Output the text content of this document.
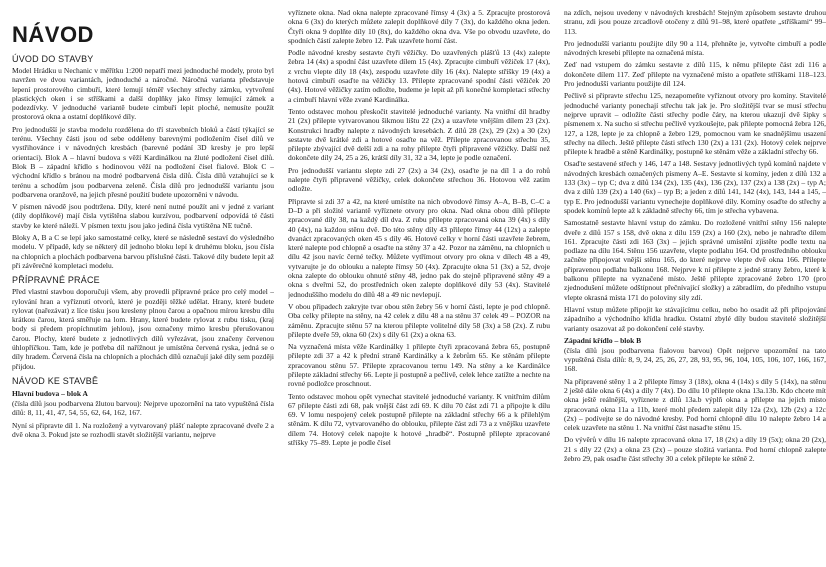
NÁVOD
ÚVOD DO STAVBY

Model Hrádku u Nechanic v měřítku 1:200 nepatří mezi jednoduché modely, proto byl navržen ve dvou variantách, jednoduché a náročné. Náročná varianta představuje lepení prostorového cimbuří, které lemují téměř všechny střechy zámku, vytvoření plastických oken i se stříškami a další doplňky jako římsy lemující zámek a podezdívky. V jednoduché variantě budete cimbuří lepit ploché, nemusíte použít prostorová okna a ostatní doplňkové díly.

Pro jednodušší je stavba modelu rozdělena do tří stavebních bloků a částí týkající se terénu. Všechny části jsou od sebe odděleny barevnými podložením čísel dílů ve vystřihovánce i v návodných kresbách (barevné podání 3D kresby je pro lepší orientaci). Blok A – hlavní budova s věží Kardinálkou na žluté podložení čísel dílů. Blok B – západní křídlo s hodinovou věží na podložení čísel fialové. Blok C – východní křídlo s bránou na modré podbarvená čísla dílů. Čísla dílů vztahující se k terénu a schodům jsou podbarvena zeleně. Čísla dílů pro jednodušší variantu jsou podbarvena oranžově, na jejich přesné použití budete upozorněni v návodu.

V písmen návodě jsou podtržena. Díly, které není nutné použít ani v jedné z variant (díly doplňkové) mají čísla vytištěna slabou kurzívou, podbarvení odpovídá té části stavby ke které náleží. V písmen textu jsou jako jediná čísla vytištěna NE tučně.

Bloky A, B a C se lepí jako samostatné celky, které se následně sestaví do výsledného modelu. V případě, kdy se některý díl jednoho bloku lepí k druhému bloku, jsou čísla na chlopních a plochách podbarvena barvou příslušné části. Takové díly budete lepit až při závěrečné kompletaci modelu.

PŘÍPRAVNÉ PRÁCE

Před vlastní stavbou doporučuji všem, aby provedli přípravné práce pro celý model – rylování hran a vyříznutí otvorů, které je později těžké udělat. Hrany, které budete rylovat (nařezávat) z líce tisku jsou kresleny plnou čarou a opačnou mírou kresbu dílu krátkou čarou, která směřuje na lom. Hrany, které budete rylovat z rubu tisku, (kraj body si předem propíchnutím jehlou), jsou označeny mimo kresbu přerušovanou čarou. Plochy, které budete z jednotlivých dílů vyřezávat, jsou značeny červenou úhlopříčkou. Tam, kde je potřeba díl nařížnout je umístěna červená ryska, jedná se o díly hradem. Červená čísla na chlopních a plochách dílů označují jaké díly sem později přijdou.

NÁVOD KE STAVBĚ
Hlavní budova – blok A

(čísla dílů jsou podbarvena žlutou barvou): Nejprve upozornění na tato vypuštěná čísla dílů: 8, 11, 41, 47, 54, 55, 62, 64, 162, 167.

Nyní si připravte díl 1. Na rozložený a vytvarovaný plášť nalepte zpracované dveře 2 a dvě okna 3. Pokud jste se rozhodli stavět složitější variantu, nejprve

vyříznete okna. Nad okna nalepte zpracované římsy 4 (3x) a 5. Zpracujte prostorová okna 6 (3x) do kterých můžete zalepit doplňkové díly 7 (3x), do každého okna jeden. Čtyři okna 9 doplňte díly 10 (8x), do každého okna dva. Vše po obvodu uzavřete, do spodních částí zalepte žebro 12. Pak uzavřete horní část.

Podle návodné kresby sestavte čtyři věžičky. Do uzavřených plášťů 13 (4x) zalepte žebra 14 (4x) a spodní část uzavřete dílem 15 (4x). Zpracujte cimbuří věžiček 17 (4x), z vrchu vlepte díly 18 (4x), zespodu uzavřete díly 16 (4x). Nalepte stříšky 19 (4x) a hotová cimbuří osaďte na věžičky 13. Přilepte zpracované spodní části věžiček 20 (4x). Hotové věžičky zatím odložte, budeme je lepit až při konečné kompletaci střechy a cimbuří hlavní věže zvané Kardinálka.

Tento odstavec mohou přeskočit stavitelé jednoduché varianty. Na vnitřní díl hradby 21 (2x) přilepte vytvarovanou šikmou lištu 22 (2x) a uzavřete vnějším dílem 23 (2x). Konstrukci hradby nalepte z návodných kresebách. Z dílů 28 (2x), 29 (2x) a 30 (2x) sestavte dvě krátké zdi a hotové osaďte na věž. Přilepte zpracovanou střechu 35, přilepte zbývající dvě delší zdi a na rohy přilepte čtyři připravené věžičky. Další než dokončete díly 24, 25 a 26, krátší díly 31, 32 a 34, lepte je podle označení.

Pro jednodušší variantu slepte zdi 27 (2x) a 34 (2x), osaďte je na díl 1 a do rohů nalepte čtyři připravené věžičky, celek dokončete střechou 36. Hotovou věž zatím odložte.

Připravte si zdi 37 a 42, na které umístíte na nich obvodové římsy A–A, B–B, C–C a D–D a při složité variantě vyříznete otvory pro okna. Nad okna obou dílů přilepte zpracované díly 38, na každý díl dva. Z rubu přilepte zpracovaná okna 39 (4x) s díly 40 (4x), na každou stěnu dvě. Do této stěny díly 43 přilepte římsy 44 (12x) a zalepte dvanáct zpracovaných oken 45 s díly 46. Hotové celky v horní části uzavřete žebrem, které nalepte pod chlopně a osaďte na stěny 37 a 42. Pozor na záměnu, na chlopních u dílu 42 jsou navíc černé tečky. Můžete vytřímout otvory pro okna v dílech 48 a 49, vytvarujte je do oblouku a nalepte římsy 50 (4x). Zpracujte okna 51 (3x) a 52, dvoje okna zalepte do oblouku ohnuté stěny 48, jedno pak do stejně připravené stěny 49 a okna s dveřmi 52, do prostředních oken zalepte doplňkové díly 53 (4x). Stavitelé jednoduššího modelu do dílů 48 a 49 nic nevlepují.

V obou připadech zakryjte tvar obou stěn žebry 56 v horní části, lepte je pod chlopně. Oba celky přilepte na stěny, na 42 celek z dílu 48 a na stěnu 37 celek 49 – POZOR na záměnu. Zpracujte stěnu 57 na kterou přilepte volitelné díly 58 (3x) a 58 (2x). Z rubu přilepte dveře 59, okna 60 (2x) s díly 61 (2x) a okna 63.

Na vyznačená místa věže Kardinálky 1 přilepte čtyři zpracovaná žebra 65, postupně přilepte zdi 37 a 42 k přední straně Kardinálky a k žebrům 65. Ke stěnám přilepte zpracovanou stěnu 57. Přilepte zpracovanou ternu 149. Na stěny a ke Kardinálce přilepte základní střechy 66. Lepte ji postupně a pečlivě, celek lehce zatížte a nechte na rovné podložce proschnout.

Tento odstavec mohou opět vynechat stavitelé jednoduché varianty. K vnitřním dílům 67 přilepte části zdi 68, pak vnější část zdí 69. K dílu 70 část zdí 71 a připojte k dílu 69. V lomu nespojený celek postupně přilepte na základní střechy 66 a k přilehlým stěnám. K dílu 72, vytvarovaného do oblouku, přilepte část zdí 73 a z vnějšku uzavřete dílem 74. Hotový celek napojte k hotové „hradbě“. Postupně přilepte zpracované stříšky 75–89. Lepte je podle čísel

na zdích, nejsou uvedeny v návodných kresbách! Stejným způsobem sestavte druhou stranu, zdi jsou pouze zrcadlově otočeny z dílů 91–98, které opatřete „stříškami“ 99–113.

Pro jednodušší variantu použijte díly 90 a 114, přehněte je, vytvořte cimbuří a podle návodných kresebi přilepte na označená místa.

Zeď nad vstupem do zámku sestavte z dílů 115, k němu přilepte část zdi 116 a dokončete dílem 117. Zeď přilepte na vyznačené místo a opatřete stříškami 118–123. Pro jednodušší variantu použijte díl 124.

Pečlivě si připravte střechu 125, nezapomeňte vyříznout otvory pro komíny. Stavitelé jednoduché varianty ponechají střechu tak jak je. Pro složitější tvar se musí střechu nejprve upravit – odložíte části střechy podle čáry, na kterou ukazují dvě šipky s písmenem x. Na sucho si střechu pečlivě vyzkoušejte, pak přilepte pomocná žebra 126, 127, a 128, lepte je za chlopně a žebro 129, pomocnou vam ke snadnějšímu usazení střechy na dílech. Ještě přilepte části střech 130 (2x) a 131 (2x). Hotový celek nejprve přilepte k hradbě a stěně Kardinálky, postupně ke stěnám věže a základní střechy 66.

Osaďte sestavené střech y 146, 147 a 148. Sestavy jednotlivých typů komínů najdete v návodných kresbách označených písmeny A–E. Sestavte si komíny, jeden z dílů 132 a 133 (3x) – typ C; dva z dílů 134 (2x), 135 (4x), 136 (2x), 137 (2x) a 138 (2x) – typ A; dva z dílů 139 (2x) a 140 (6x) – typ B; a jeden z dílů 141, 142 (4x), 143, 144 a 145, – typ E. Pro jednodušší variantu vynechejte doplňkové díly. Komíny osaďte do střechy a spodek komínů lepte až k základně střechy 66, tím je střecha vybavena.

Samostatně sestavte hlavní vstup do zámku. Do rozložené vnitřní stěny 156 nalepte dveře z dílů 157 s 158, dvě okna z dílu 159 (2x) a 160 (2x), nebo je nahraďte dílem 161. Zpracujte části zdi 163 (3x) – jejich správné umístění zjistěte podle textu na podlaze na dílu 164. Stěnu 156 uzavřete, vlepte podlahu 164. Od prostředního oblouku začněte připojovat vnější stěnu 165, do které nejprve vlepte dvě okna 166. Přilepte připravenou podlahu balkonu 168. Nejprve k ní přilepte z jedné strany žebro, které k balkonu přilepte na vyznačené místo. Ještě přilepte zpracované žebro 170 (pro zjednodušení můžete odštípnout přečnívající složky) a zábradlím, do předního vstupu vlepte okrasná místa 171 do poloviny sily zdí.

Hlavní vstup můžete připojit ke stávajícímu celku, nebo ho osadit až při připojování západního a východního křídla hradku. Ostatní zbylé díly budou stavitelé složitější varianty osazovat až po dokončení celé stavby.

Západní křídlo – blok B

(čísla dílů jsou podbarvena fialovou barvou) Opět nejprve upozornění na tato vypuštěná čísla dílů: 8, 9, 24, 25, 26, 27, 28, 93, 95, 96, 104, 105, 106, 107, 166, 167, 168.

Na připravené stěny 1 a 2 přilepte římsy 3 (18x), okna 4 (14x) s díly 5 (14x), na stěnu 2 ještě dále okna 6 (4x) a díly 7 (4x). Do dílu 10 přilepte okna 13a.13b. Kdo chcete mít okna ještě reálnější, vyříznete z dílů 13a.b výplň okna a přilepte na jejich místo zpracovaná okna 11a a 11b, které mohl předem zalepit díly 12a (2x), 12b (2x) a 12c (2x) – podívejte se do návodné kresby. Pod horní chlopně dílu 10 nalepte žebro 14 a celek uzavřete na stěnu 1. Na vnitřní část nasaďte stěnu 15.

Do vývěrů v dílu 16 nalepte zpracovaná okna 17, 18 (2x) a díly 19 (5x); okna 20 (2x), 21 s díly 22 (2x) a okna 23 (2x) – pouze složitá varianta. Pod horní chlopně zalepte žebro 29, pak osaďte část střechy 30 a celek přilepte ke stěně 2.
